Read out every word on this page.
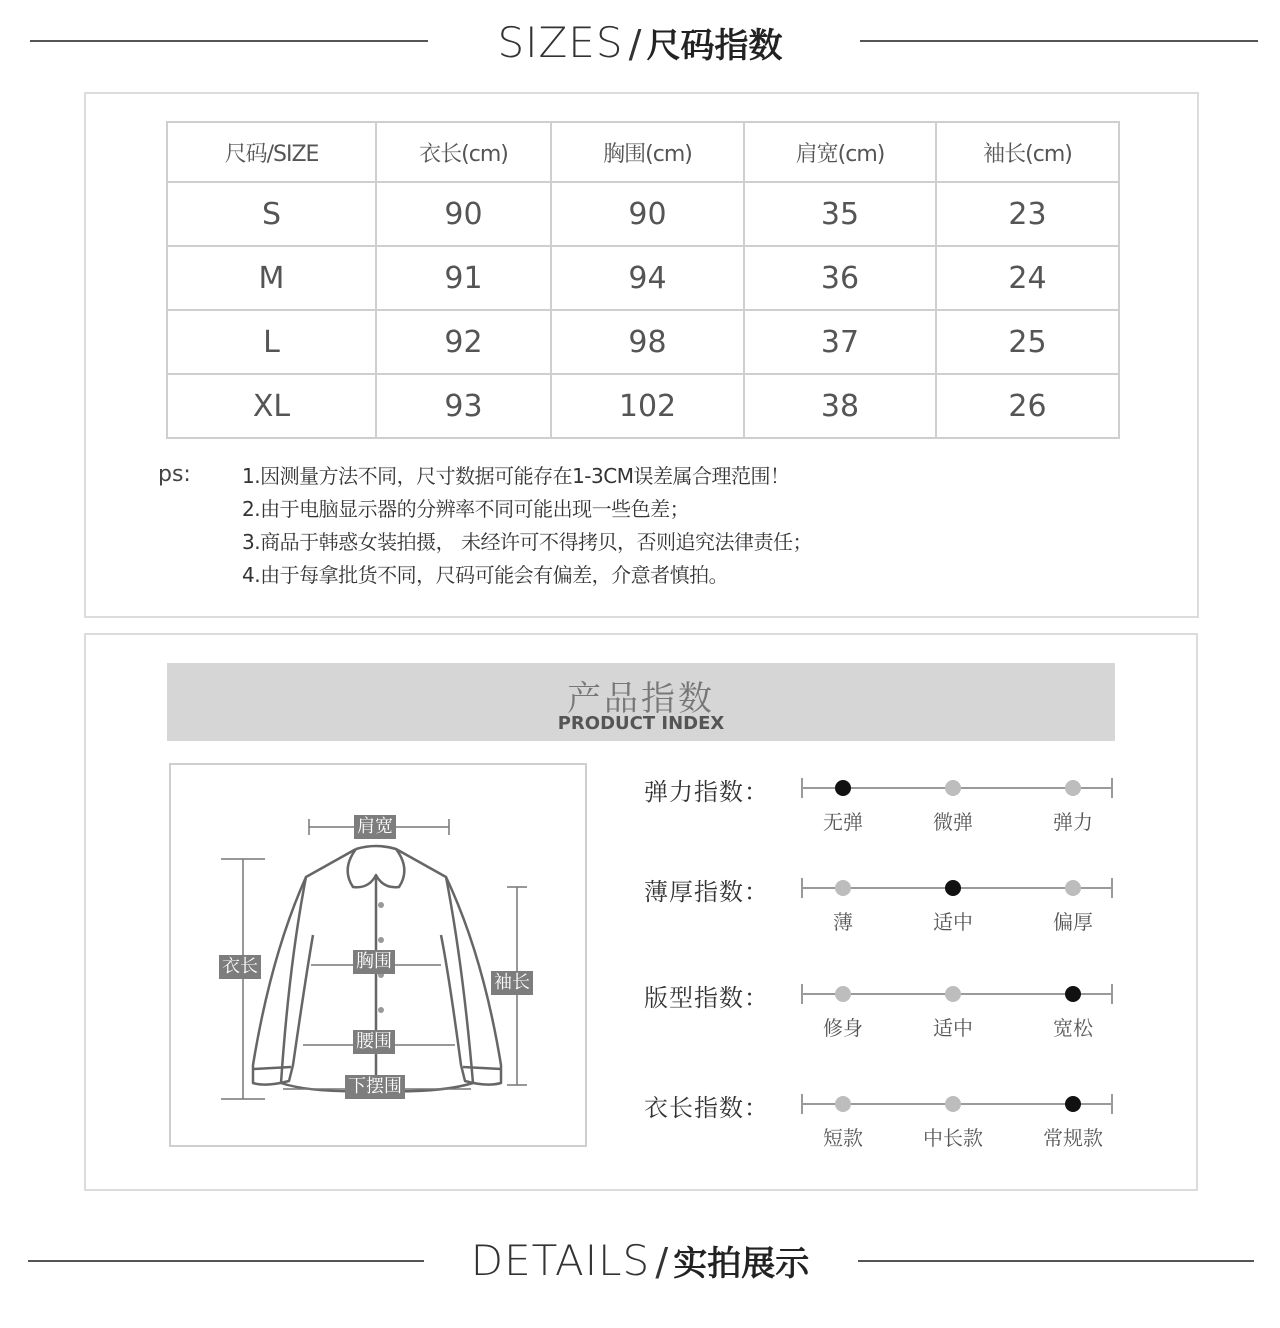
SIZES / 尺码指数
尺码/SIZE	衣长(cm)	胸围(cm)	肩宽(cm)	袖长(cm)
S	90	90	35	23
M	91	94	36	24
L	92	98	37	25
XL	93	102	38	26
ps:	1.因测量方法不同，尺寸数据可能存在1-3CM误差属合理范围！
2.由于电脑显示器的分辨率不同可能出现一些色差；
3.商品于韩惑女装拍摄， 未经许可不得拷贝，否则追究法律责任；
4.由于每拿批货不同，尺码可能会有偏差，介意者慎拍。
产品指数
PRODUCT INDEX
肩宽
衣长	胸围
袖长
腰围
下摆围
弹力指数：
无弹	微弹	弹力
薄厚指数：
薄	适中	偏厚
版型指数：
修身	适中	宽松
衣长指数：
短款	中长款	常规款
DETAILS / 实拍展示
